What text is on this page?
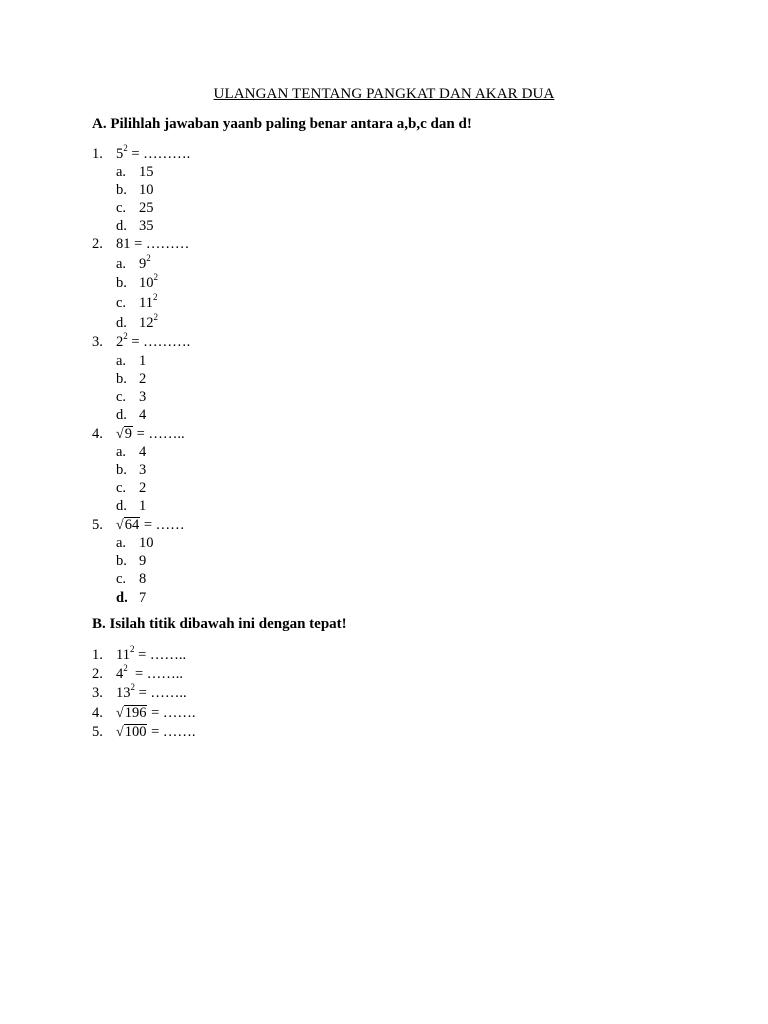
ULANGAN TENTANG PANGKAT DAN AKAR DUA
A. Pilihlah jawaban yaanb paling benar antara a,b,c dan d!
1. $5^2$ = ……….
a. 15
b. 10
c. 25
d. 35
2. 81 = ………
a. $9^2$
b. $10^2$
c. $11^2$
d. $12^2$
3. $2^2$ = ……….
a. 1
b. 2
c. 3
d. 4
4. √9 = ……..
a. 4
b. 3
c. 2
d. 1
5. √64 = ……
a. 10
b. 9
c. 8
d. 7
B. Isilah titik dibawah ini dengan tepat!
1. $11^2$ = ……..
2. $4^2$  = ……..
3. $13^2$ = ……..
4. √196 = …….
5. √100 = …….
